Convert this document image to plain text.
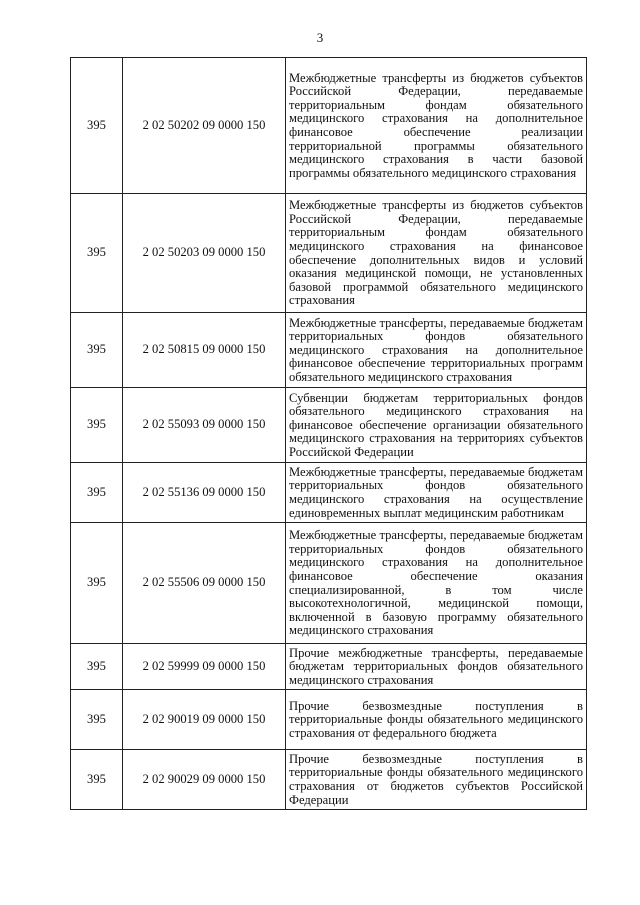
3
395	2 02 50202 09 0000 150	Межбюджетные трансферты из бюджетов субъектов Российской Федерации, передаваемые территориальным фондам обязательного медицинского страхования на дополнительное финансовое обеспечение реализации территориальной программы обязательного медицинского страхования в части базовой программы обязательного медицинского страхования
395	2 02 50203 09 0000 150	Межбюджетные трансферты из бюджетов субъектов Российской Федерации, передаваемые территориальным фондам обязательного медицинского страхования на финансовое обеспечение дополнительных видов и условий оказания медицинской помощи, не установленных базовой программой обязательного медицинского страхования
395	2 02 50815 09 0000 150	Межбюджетные трансферты, передаваемые бюджетам территориальных фондов обязательного медицинского страхования на дополнительное финансовое обеспечение территориальных программ обязательного медицинского страхования
395	2 02 55093 09 0000 150	Субвенции бюджетам территориальных фондов обязательного медицинского страхования на финансовое обеспечение организации обязательного медицинского страхования на территориях субъектов Российской Федерации
395	2 02 55136 09 0000 150	Межбюджетные трансферты, передаваемые бюджетам территориальных фондов обязательного медицинского страхования на осуществление единовременных выплат медицинским работникам
395	2 02 55506 09 0000 150	Межбюджетные трансферты, передаваемые бюджетам территориальных фондов обязательного медицинского страхования на дополнительное финансовое обеспечение оказания специализированной, в том числе высокотехнологичной, медицинской помощи, включенной в базовую программу обязательного медицинского страхования
395	2 02 59999 09 0000 150	Прочие межбюджетные трансферты, передаваемые бюджетам территориальных фондов обязательного медицинского страхования
395	2 02 90019 09 0000 150	Прочие безвозмездные поступления в территориальные фонды обязательного медицинского страхования от федерального бюджета
395	2 02 90029 09 0000 150	Прочие безвозмездные поступления в территориальные фонды обязательного медицинского страхования от бюджетов субъектов Российской Федерации
